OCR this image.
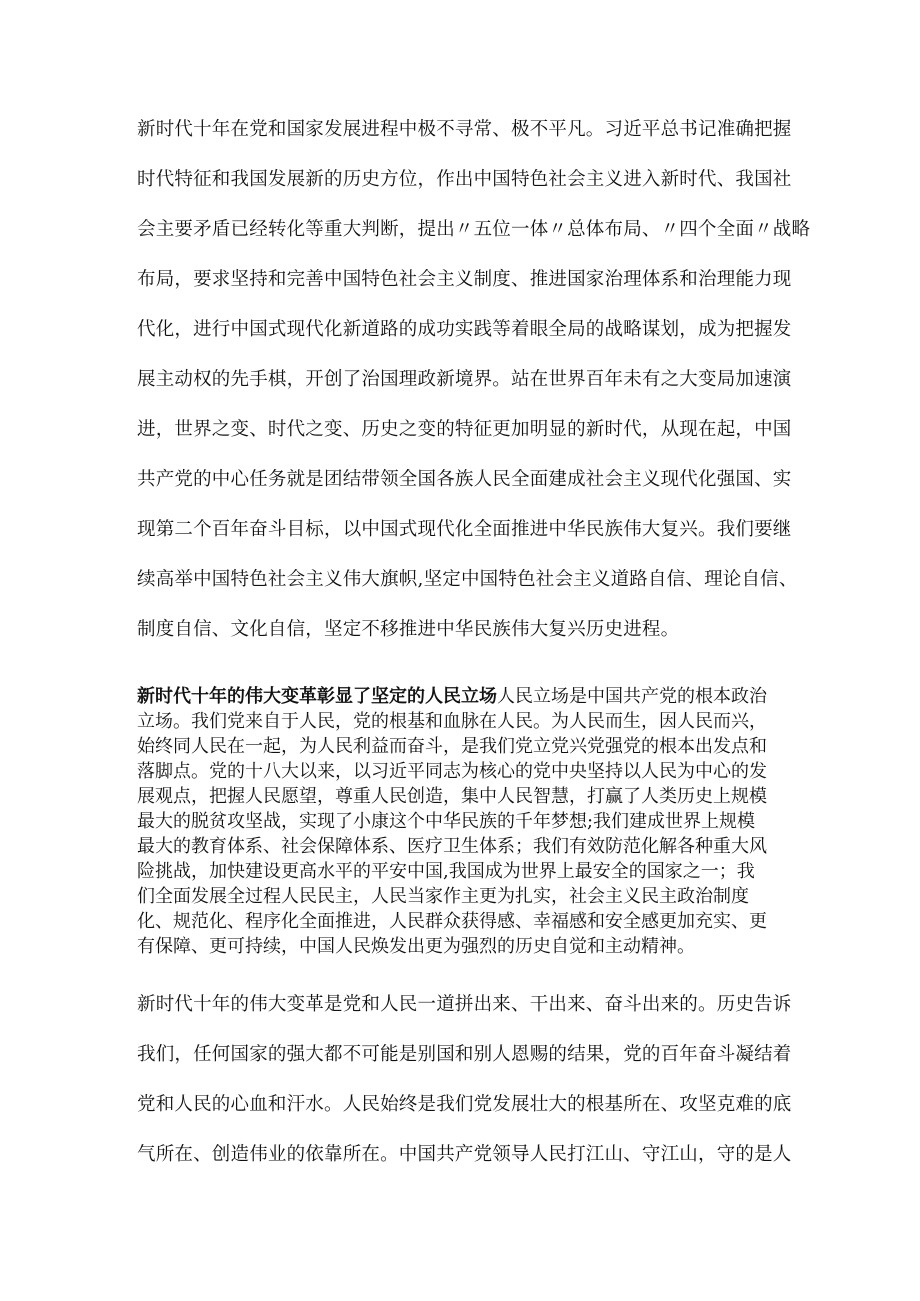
新时代十年在党和国家发展进程中极不寻常、极不平凡。习近平总书记准确把握
时代特征和我国发展新的历史方位，作出中国特色社会主义进入新时代、我国社
会主要矛盾已经转化等重大判断，提出〃五位一体〃总体布局、〃四个全面〃战略
布局，要求坚持和完善中国特色社会主义制度、推进国家治理体系和治理能力现
代化，进行中国式现代化新道路的成功实践等着眼全局的战略谋划，成为把握发
展主动权的先手棋，开创了治国理政新境界。站在世界百年未有之大变局加速演
进，世界之变、时代之变、历史之变的特征更加明显的新时代，从现在起，中国
共产党的中心任务就是团结带领全国各族人民全面建成社会主义现代化强国、实
现第二个百年奋斗目标，以中国式现代化全面推进中华民族伟大复兴。我们要继
续高举中国特色社会主义伟大旗帜,坚定中国特色社会主义道路自信、理论自信、
制度自信、文化自信，坚定不移推进中华民族伟大复兴历史进程。
新时代十年的伟大变革彰显了坚定的人民立场人民立场是中国共产党的根本政治
立场。我们党来自于人民，党的根基和血脉在人民。为人民而生，因人民而兴，
始终同人民在一起，为人民利益而奋斗，是我们党立党兴党强党的根本出发点和
落脚点。党的十八大以来，以习近平同志为核心的党中央坚持以人民为中心的发
展观点，把握人民愿望，尊重人民创造，集中人民智慧，打赢了人类历史上规模
最大的脱贫攻坚战，实现了小康这个中华民族的千年梦想;我们建成世界上规模
最大的教育体系、社会保障体系、医疗卫生体系；我们有效防范化解各种重大风
险挑战，加快建设更高水平的平安中国,我国成为世界上最安全的国家之一；我
们全面发展全过程人民民主，人民当家作主更为扎实，社会主义民主政治制度
化、规范化、程序化全面推进，人民群众获得感、幸福感和安全感更加充实、更
有保障、更可持续，中国人民焕发出更为强烈的历史自觉和主动精神。
新时代十年的伟大变革是党和人民一道拼出来、干出来、奋斗出来的。历史告诉
我们，任何国家的强大都不可能是别国和别人恩赐的结果，党的百年奋斗凝结着
党和人民的心血和汗水。人民始终是我们党发展壮大的根基所在、攻坚克难的底
气所在、创造伟业的依靠所在。中国共产党领导人民打江山、守江山，守的是人
